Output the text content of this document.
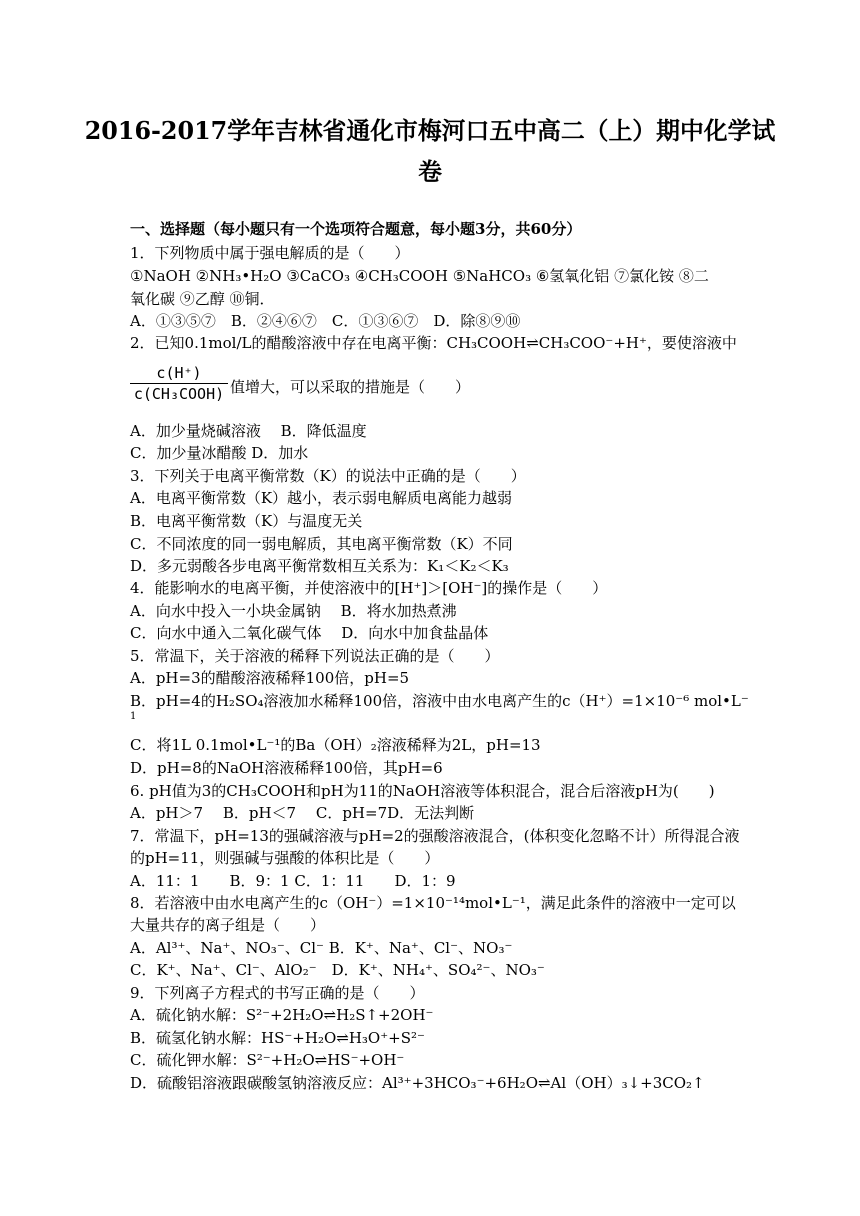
2016-2017学年吉林省通化市梅河口五中高二（上）期中化学试
卷
一、选择题（每小题只有一个选项符合题意，每小题3分，共60分）
1．下列物质中属于强电解质的是（　　）
①NaOH ②NH₃•H₂O ③CaCO₃ ④CH₃COOH ⑤NaHCO₃ ⑥氢氧化铝 ⑦氯化铵 ⑧二
氧化碳 ⑨乙醇 ⑩铜．
A．①③⑤⑦　B．②④⑥⑦　C．①③⑥⑦　D．除⑧⑨⑩
2．已知0.1mol/L的醋酸溶液中存在电离平衡：CH₃COOH⇌CH₃COO⁻+H⁺，要使溶液中
c(H⁺)
c(CH₃COOH) 值增大，可以采取的措施是（　　）
A．加少量烧碱溶液　 B．降低温度
C．加少量冰醋酸 D．加水
3．下列关于电离平衡常数（K）的说法中正确的是（　　）
A．电离平衡常数（K）越小，表示弱电解质电离能力越弱
B．电离平衡常数（K）与温度无关
C．不同浓度的同一弱电解质，其电离平衡常数（K）不同
D．多元弱酸各步电离平衡常数相互关系为：K₁＜K₂＜K₃
4．能影响水的电离平衡，并使溶液中的[H⁺]＞[OH⁻]的操作是（　　）
A．向水中投入一小块金属钠　 B．将水加热煮沸
C．向水中通入二氧化碳气体　 D．向水中加食盐晶体
5．常温下，关于溶液的稀释下列说法正确的是（　　）
A．pH=3的醋酸溶液稀释100倍，pH=5
B．pH=4的H₂SO₄溶液加水稀释100倍，溶液中由水电离产生的c（H⁺）=1×10⁻⁶ mol•L⁻
1
C．将1L 0.1mol•L⁻¹的Ba（OH）₂溶液稀释为2L，pH=13
D．pH=8的NaOH溶液稀释100倍，其pH=6
6. pH值为3的CH₃COOH和pH为11的NaOH溶液等体积混合，混合后溶液pH为(　　)
A．pH＞7　 B．pH＜7　 C．pH=7D．无法判断
7．常温下，pH=13的强碱溶液与pH=2的强酸溶液混合，(体积变化忽略不计）所得混合液
的pH=11，则强碱与强酸的体积比是（　　）
A．11：1　　B．9：1 C．1：11　　D．1：9
8．若溶液中由水电离产生的c（OH⁻）=1×10⁻¹⁴mol•L⁻¹，满足此条件的溶液中一定可以
大量共存的离子组是（　　）
A．Al³⁺、Na⁺、NO₃⁻、Cl⁻ B．K⁺、Na⁺、Cl⁻、NO₃⁻
C．K⁺、Na⁺、Cl⁻、AlO₂⁻　D．K⁺、NH₄⁺、SO₄²⁻、NO₃⁻
9．下列离子方程式的书写正确的是（　　）
A．硫化钠水解：S²⁻+2H₂O⇌H₂S↑+2OH⁻
B．硫氢化钠水解：HS⁻+H₂O⇌H₃O⁺+S²⁻
C．硫化钾水解：S²⁻+H₂O⇌HS⁻+OH⁻
D．硫酸铝溶液跟碳酸氢钠溶液反应：Al³⁺+3HCO₃⁻+6H₂O⇌Al（OH）₃↓+3CO₂↑
